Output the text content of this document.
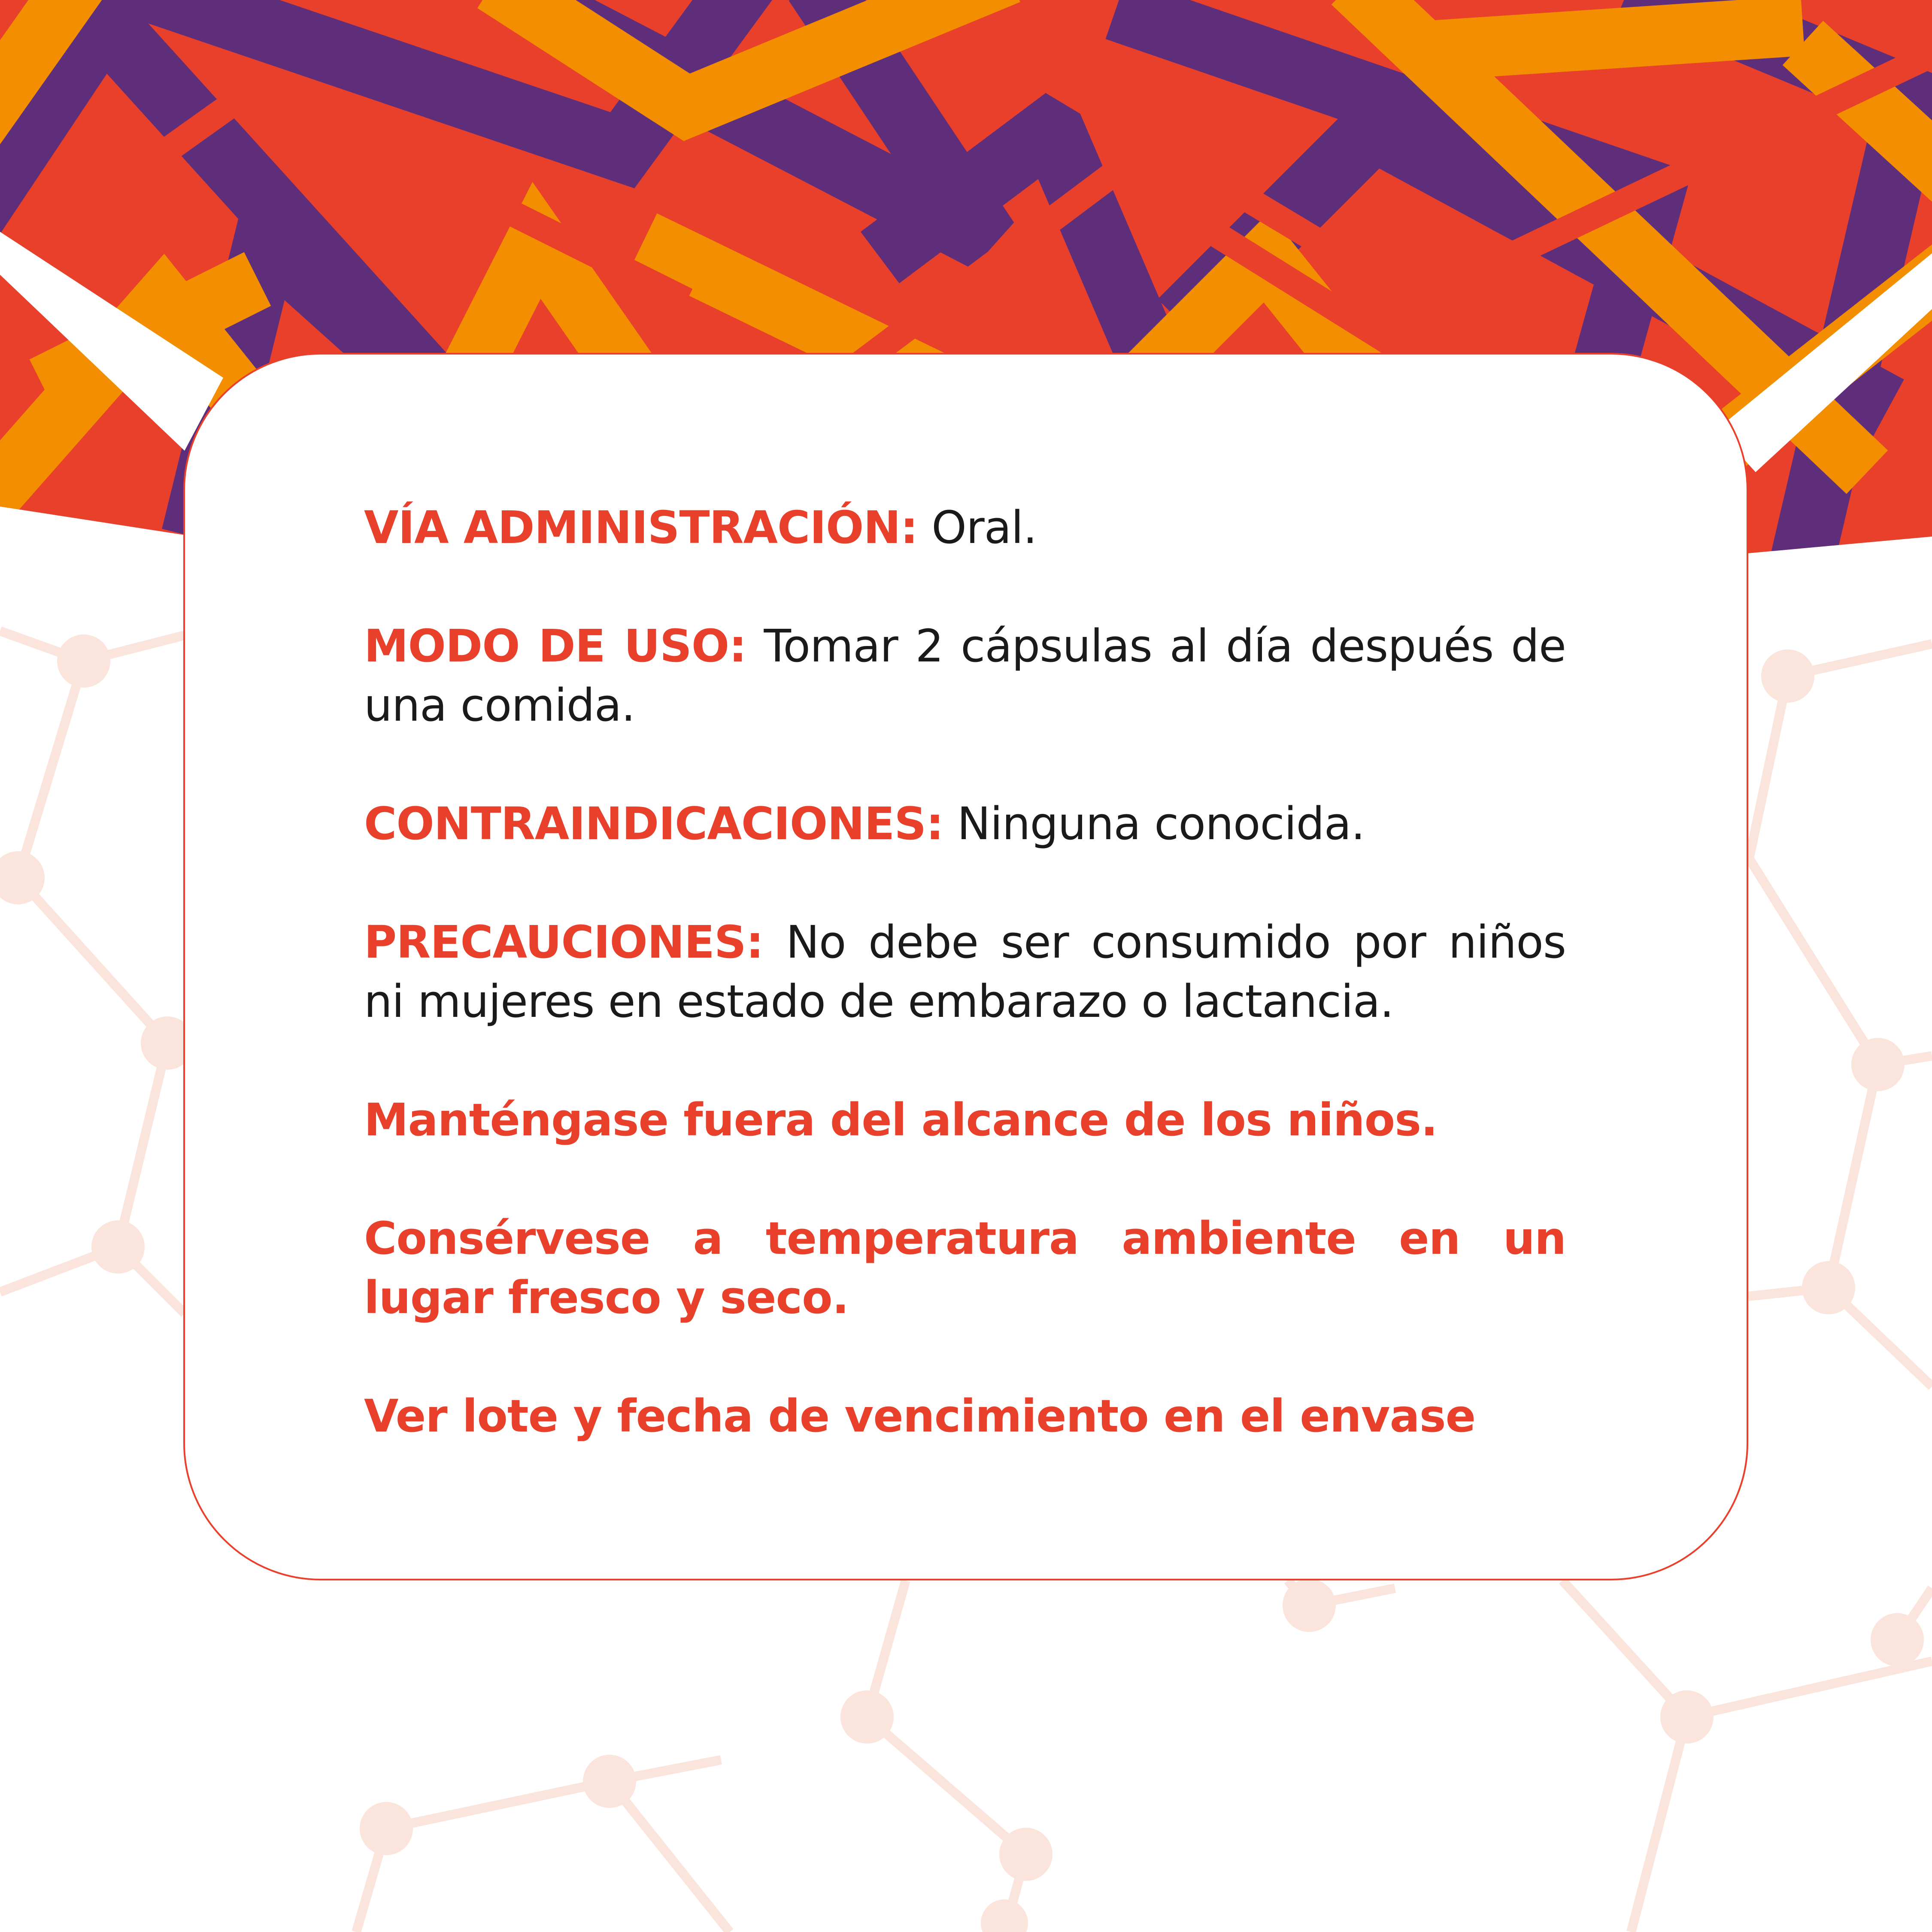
VÍA ADMINISTRACIÓN: Oral.

MODO DE USO: Tomar 2 cápsulas al día después de una comida.

CONTRAINDICACIONES: Ninguna conocida.

PRECAUCIONES: No debe ser consumido por niños ni mujeres en estado de embarazo o lactancia.

Manténgase fuera del alcance de los niños.

Consérvese a temperatura ambiente en un lugar fresco y seco.

Ver lote y fecha de vencimiento en el envase
